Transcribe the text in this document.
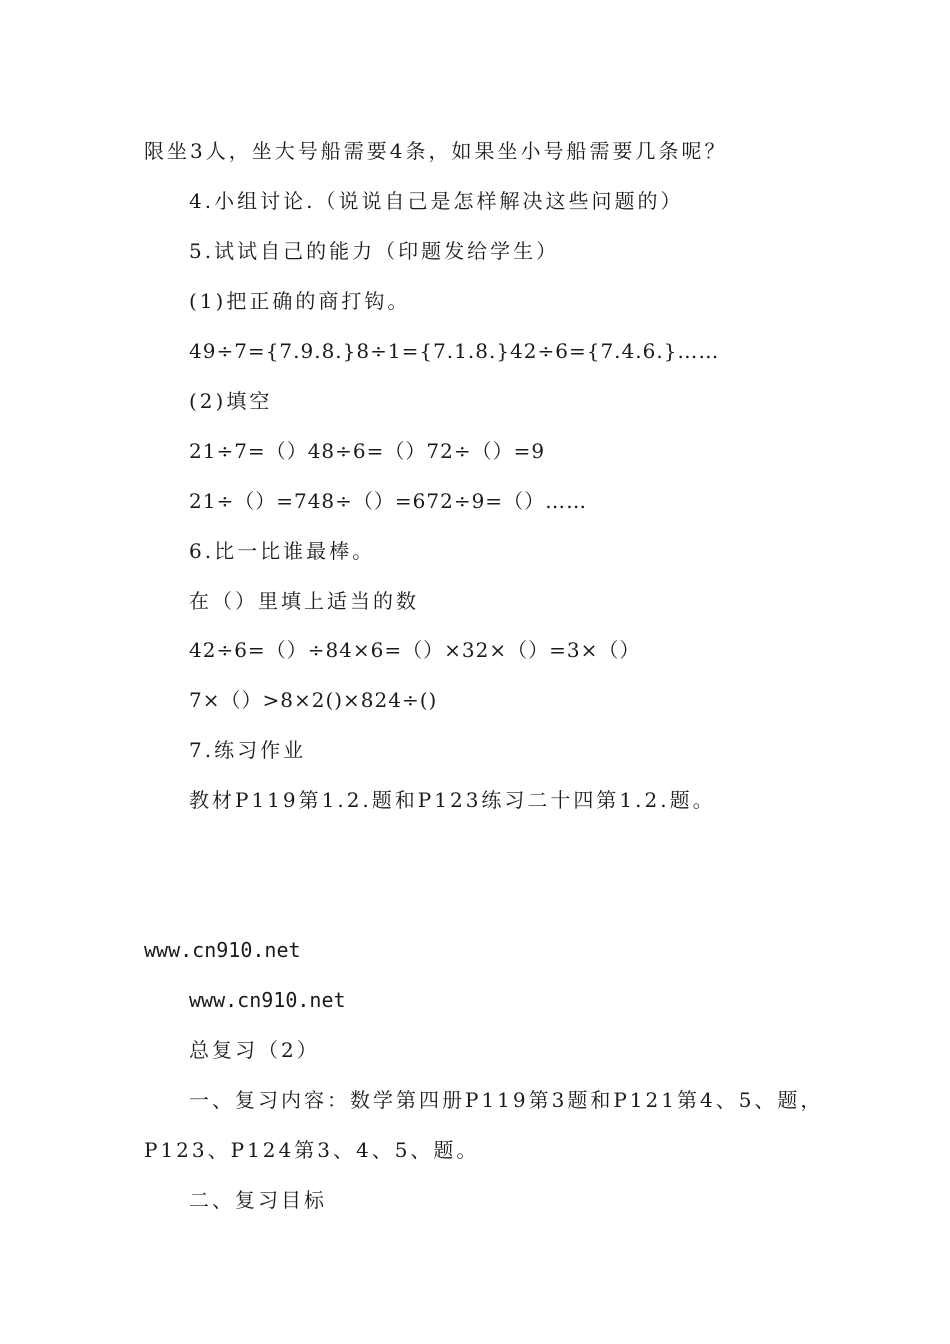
限坐3人，坐大号船需要4条，如果坐小号船需要几条呢？
4.小组讨论.（说说自己是怎样解决这些问题的）
5.试试自己的能力（印题发给学生）
(1)把正确的商打钩。
49÷7={7.9.8.}8÷1={7.1.8.}42÷6={7.4.6.}……
(2)填空
21÷7=（）48÷6=（）72÷（）=9
21÷（）=748÷（）=672÷9=（）……
6.比一比谁最棒。
在（）里填上适当的数
42÷6=（）÷84×6=（）×32×（）=3×（）
7×（）>8×2()×824÷()
7.练习作业
教材P119第1.2.题和P123练习二十四第1.2.题。
www.cn910.net
www.cn910.net
总复习（2）
一、复习内容：数学第四册P119第3题和P121第4、5、题，
P123、P124第3、4、5、题。
二、复习目标
